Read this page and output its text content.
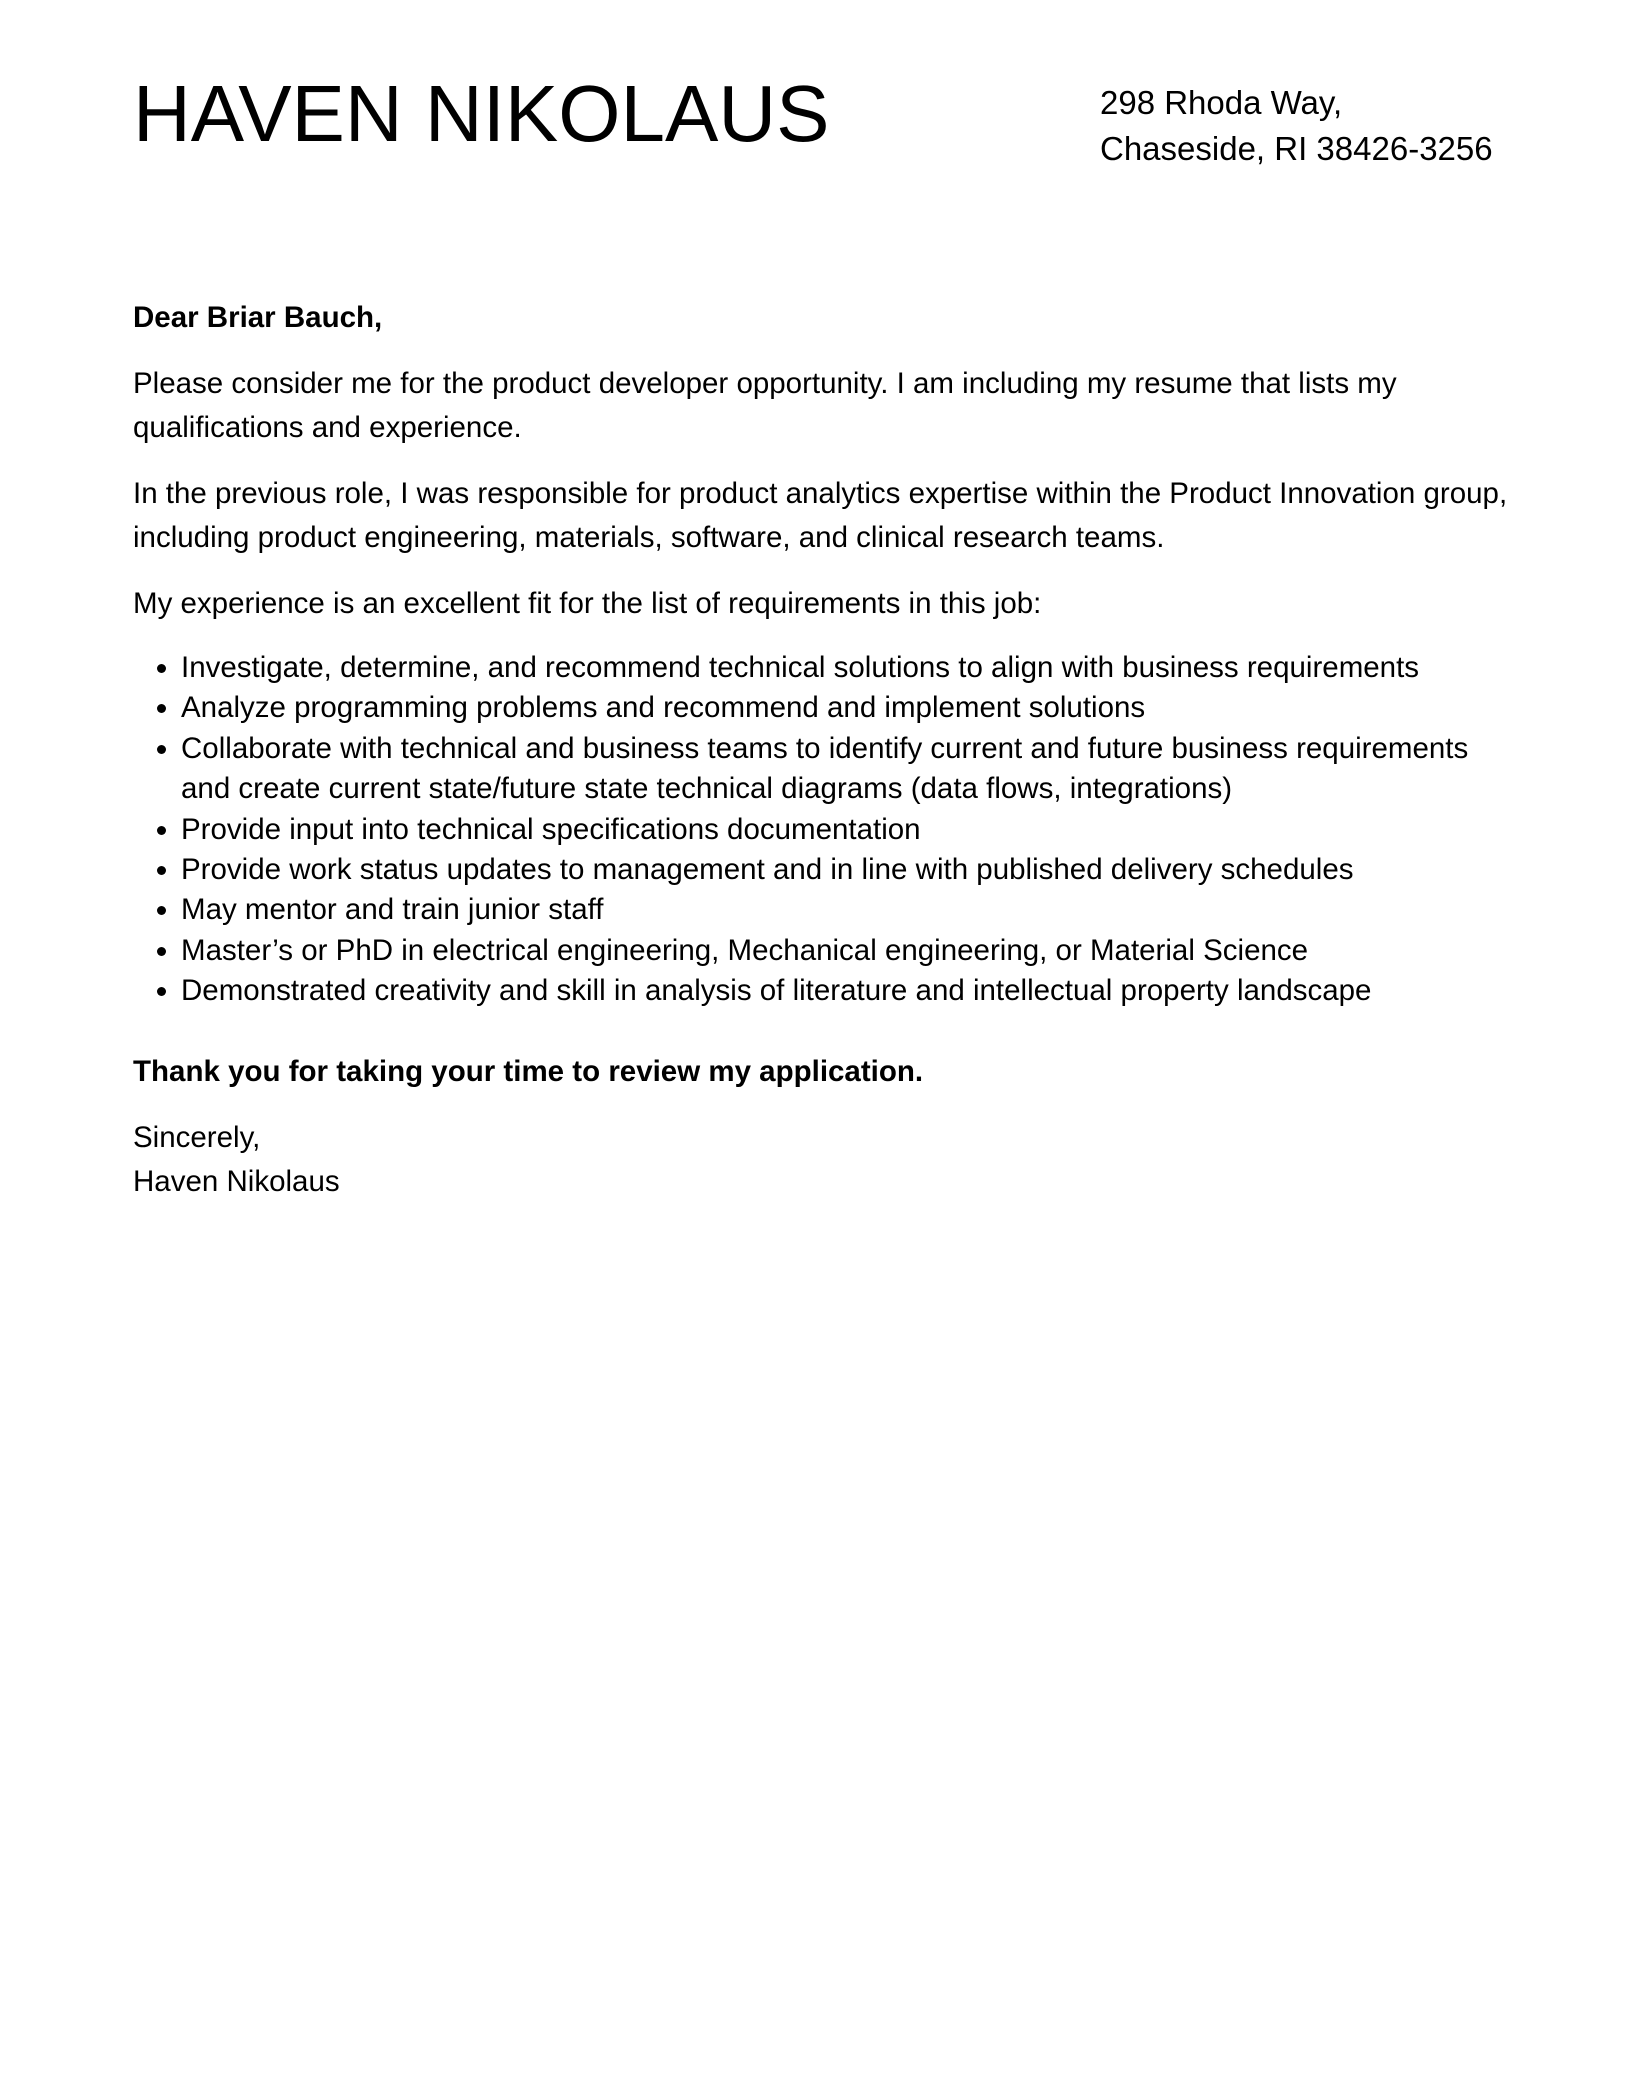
HAVEN NIKOLAUS	298 Rhoda Way,
Chaseside, RI 38426-3256

Dear Briar Bauch,

Please consider me for the product developer opportunity. I am including my resume that lists my qualifications and experience.

In the previous role, I was responsible for product analytics expertise within the Product Innovation group, including product engineering, materials, software, and clinical research teams.

My experience is an excellent fit for the list of requirements in this job:

• Investigate, determine, and recommend technical solutions to align with business requirements
• Analyze programming problems and recommend and implement solutions
• Collaborate with technical and business teams to identify current and future business requirements and create current state/future state technical diagrams (data flows, integrations)
• Provide input into technical specifications documentation
• Provide work status updates to management and in line with published delivery schedules
• May mentor and train junior staff
• Master’s or PhD in electrical engineering, Mechanical engineering, or Material Science
• Demonstrated creativity and skill in analysis of literature and intellectual property landscape

Thank you for taking your time to review my application.

Sincerely,
Haven Nikolaus
